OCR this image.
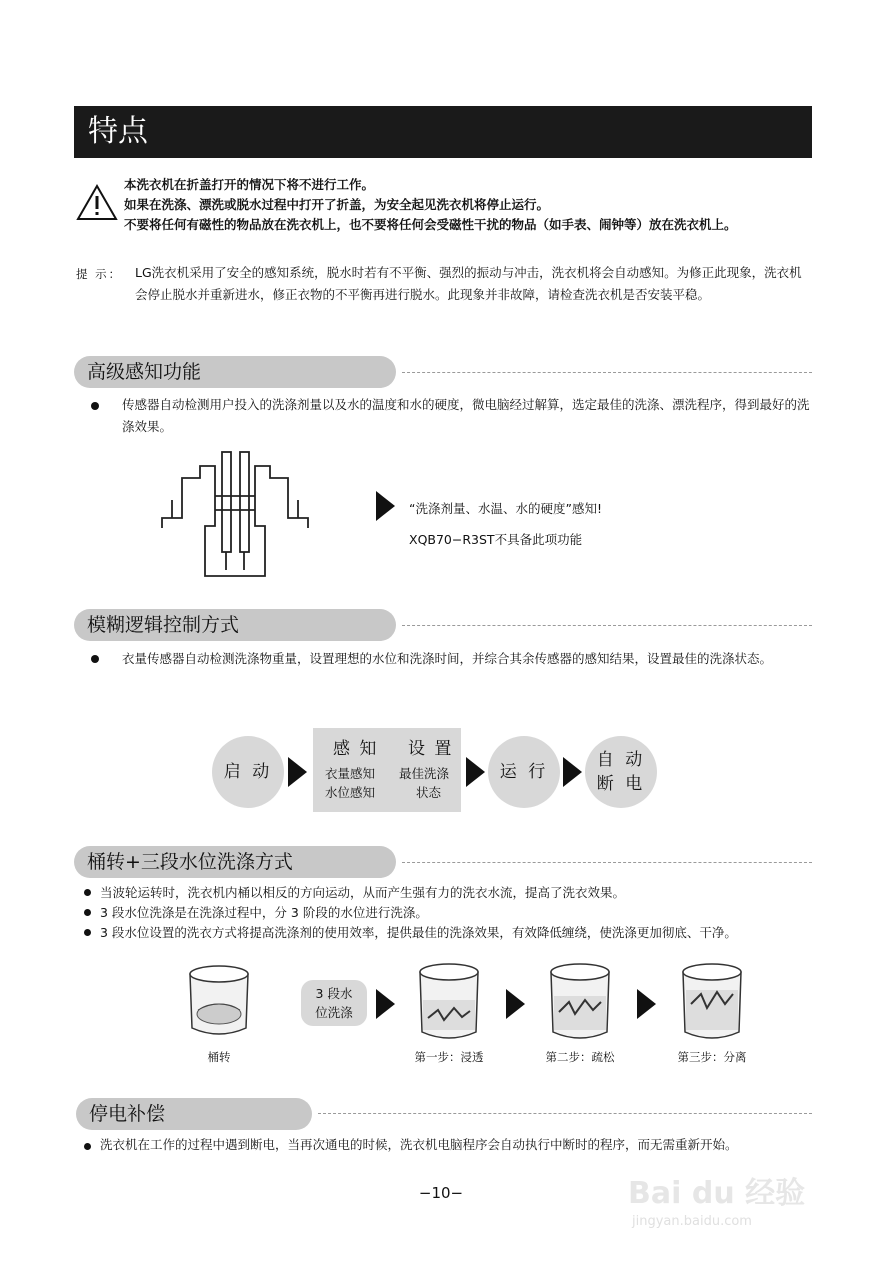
特点
本洗衣机在折盖打开的情况下将不进行工作。
如果在洗涤、漂洗或脱水过程中打开了折盖，为安全起见洗衣机将停止运行。
不要将任何有磁性的物品放在洗衣机上，也不要将任何会受磁性干扰的物品（如手表、闹钟等）放在洗衣机上。
提 示： LG洗衣机采用了安全的感知系统，脱水时若有不平衡、强烈的振动与冲击，洗衣机将会自动感知。为修正此现象，洗衣机会停止脱水并重新进水，修正衣物的不平衡再进行脱水。此现象并非故障，请检查洗衣机是否安装平稳。
高级感知功能
传感器自动检测用户投入的洗涤剂量以及水的温度和水的硬度，微电脑经过解算，选定最佳的洗涤、漂洗程序，得到最好的洗涤效果。
“洗涤剂量、水温、水的硬度”感知!
XQB70−R3ST不具备此项功能
模糊逻辑控制方式
衣量传感器自动检测洗涤物重量，设置理想的水位和洗涤时间，并综合其余传感器的感知结果，设置最佳的洗涤状态。
启 动
感 知 设 置
衣量感知
水位感知
最佳洗涤
状态
运 行
自 动
断 电
桶转+三段水位洗涤方式
当波轮运转时，洗衣机内桶以相反的方向运动，从而产生强有力的洗衣水流，提高了洗衣效果。
3 段水位洗涤是在洗涤过程中，分 3 阶段的水位进行洗涤。
3 段水位设置的洗衣方式将提高洗涤剂的使用效率，提供最佳的洗涤效果，有效降低缠绕，使洗涤更加彻底、干净。
桶转
3 段水
位洗涤
第一步：浸透	第二步：疏松	第三步：分离
停电补偿
洗衣机在工作的过程中遇到断电，当再次通电的时候，洗衣机电脑程序会自动执行中断时的程序，而无需重新开始。
−10−	Bai du 经验
jingyan.baidu.com
